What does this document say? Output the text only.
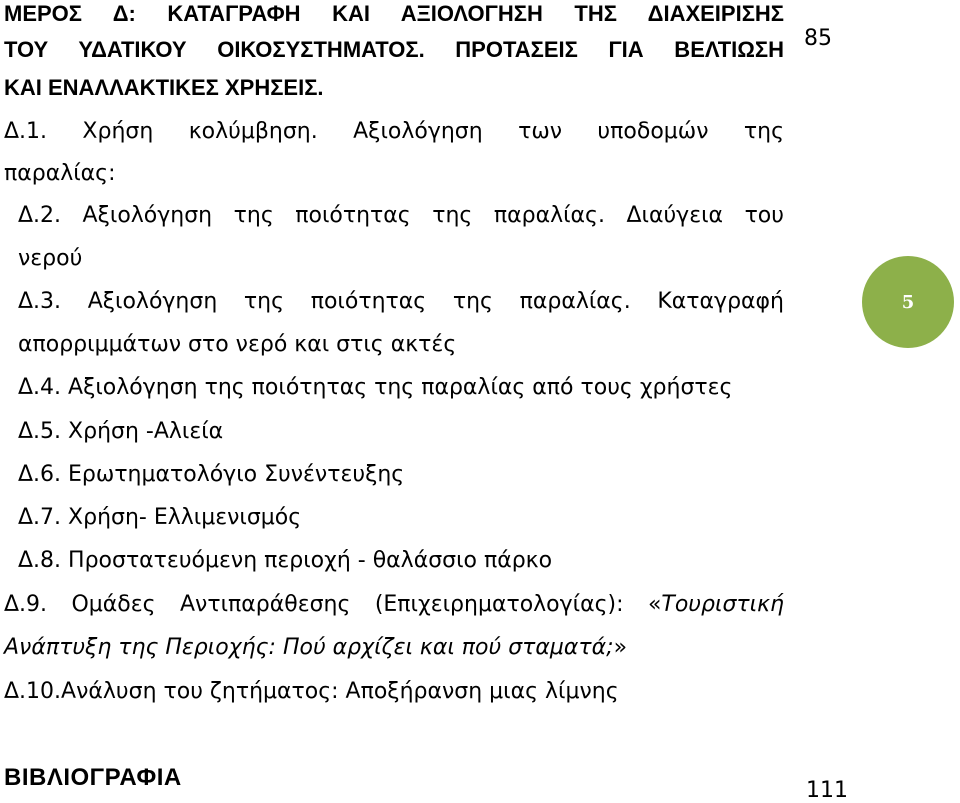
ΜΕΡΟΣ Δ: ΚΑΤΑΓΡΑΦΗ ΚΑΙ ΑΞΙΟΛΟΓΗΣΗ ΤΗΣ ΔΙΑΧΕΙΡΙΣΗΣ
ΤΟΥ ΥΔΑΤΙΚΟΥ ΟΙΚΟΣΥΣΤΗΜΑΤΟΣ. ΠΡΟΤΑΣΕΙΣ ΓΙΑ ΒΕΛΤΙΩΣΗ
ΚΑΙ ΕΝΑΛΛΑΚΤΙΚΕΣ ΧΡΗΣΕΙΣ.
85
Δ.1. Χρήση κολύμβηση. Αξιολόγηση των υποδομών της
παραλίας:
Δ.2. Αξιολόγηση της ποιότητας της παραλίας. Διαύγεια του
νερού
Δ.3. Αξιολόγηση της ποιότητας της παραλίας. Καταγραφή
απορριμμάτων στο νερό και στις ακτές
Δ.4. Αξιολόγηση της ποιότητας της παραλίας από τους χρήστες
Δ.5. Χρήση -Αλιεία
Δ.6. Ερωτηματολόγιο Συνέντευξης
Δ.7. Χρήση- Ελλιμενισμός
Δ.8. Προστατευόμενη περιοχή - θαλάσσιο πάρκο
Δ.9. Ομάδες Αντιπαράθεσης (Επιχειρηματολογίας): «Τουριστική
Ανάπτυξη της Περιοχής: Πού αρχίζει και πού σταματά;»
Δ.10.Ανάλυση του ζητήματος: Αποξήρανση μιας λίμνης
5
ΒΙΒΛΙΟΓΡΑΦΙΑ	111
